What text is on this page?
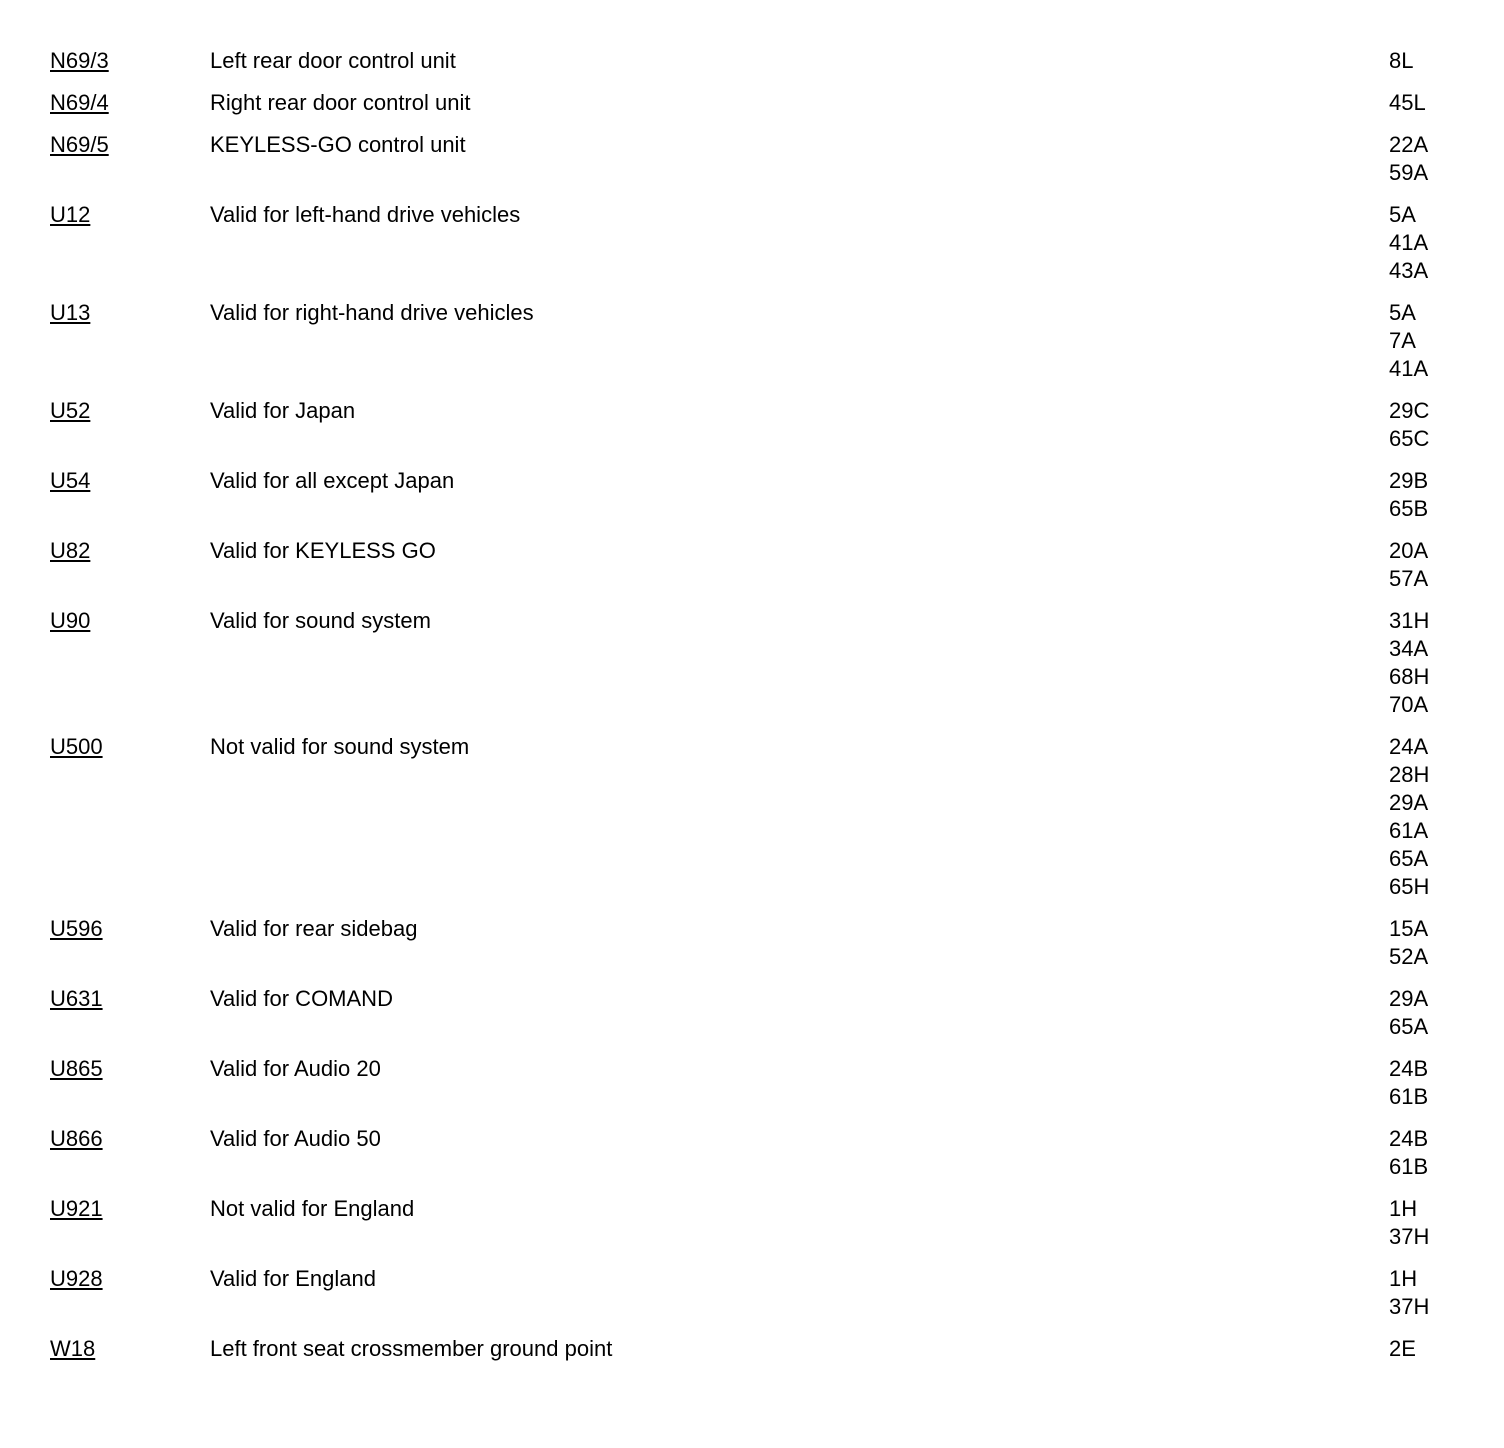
N69/3	Left rear door control unit	8L
N69/4	Right rear door control unit	45L
N69/5	KEYLESS-GO control unit	22A
59A
U12	Valid for left-hand drive vehicles	5A
41A
43A
U13	Valid for right-hand drive vehicles	5A
7A
41A
U52	Valid for Japan	29C
65C
U54	Valid for all except Japan	29B
65B
U82	Valid for KEYLESS GO	20A
57A
U90	Valid for sound system	31H
34A
68H
70A
U500	Not valid for sound system	24A
28H
29A
61A
65A
65H
U596	Valid for rear sidebag	15A
52A
U631	Valid for COMAND	29A
65A
U865	Valid for Audio 20	24B
61B
U866	Valid for Audio 50	24B
61B
U921	Not valid for England	1H
37H
U928	Valid for England	1H
37H
W18	Left front seat crossmember ground point	2E
